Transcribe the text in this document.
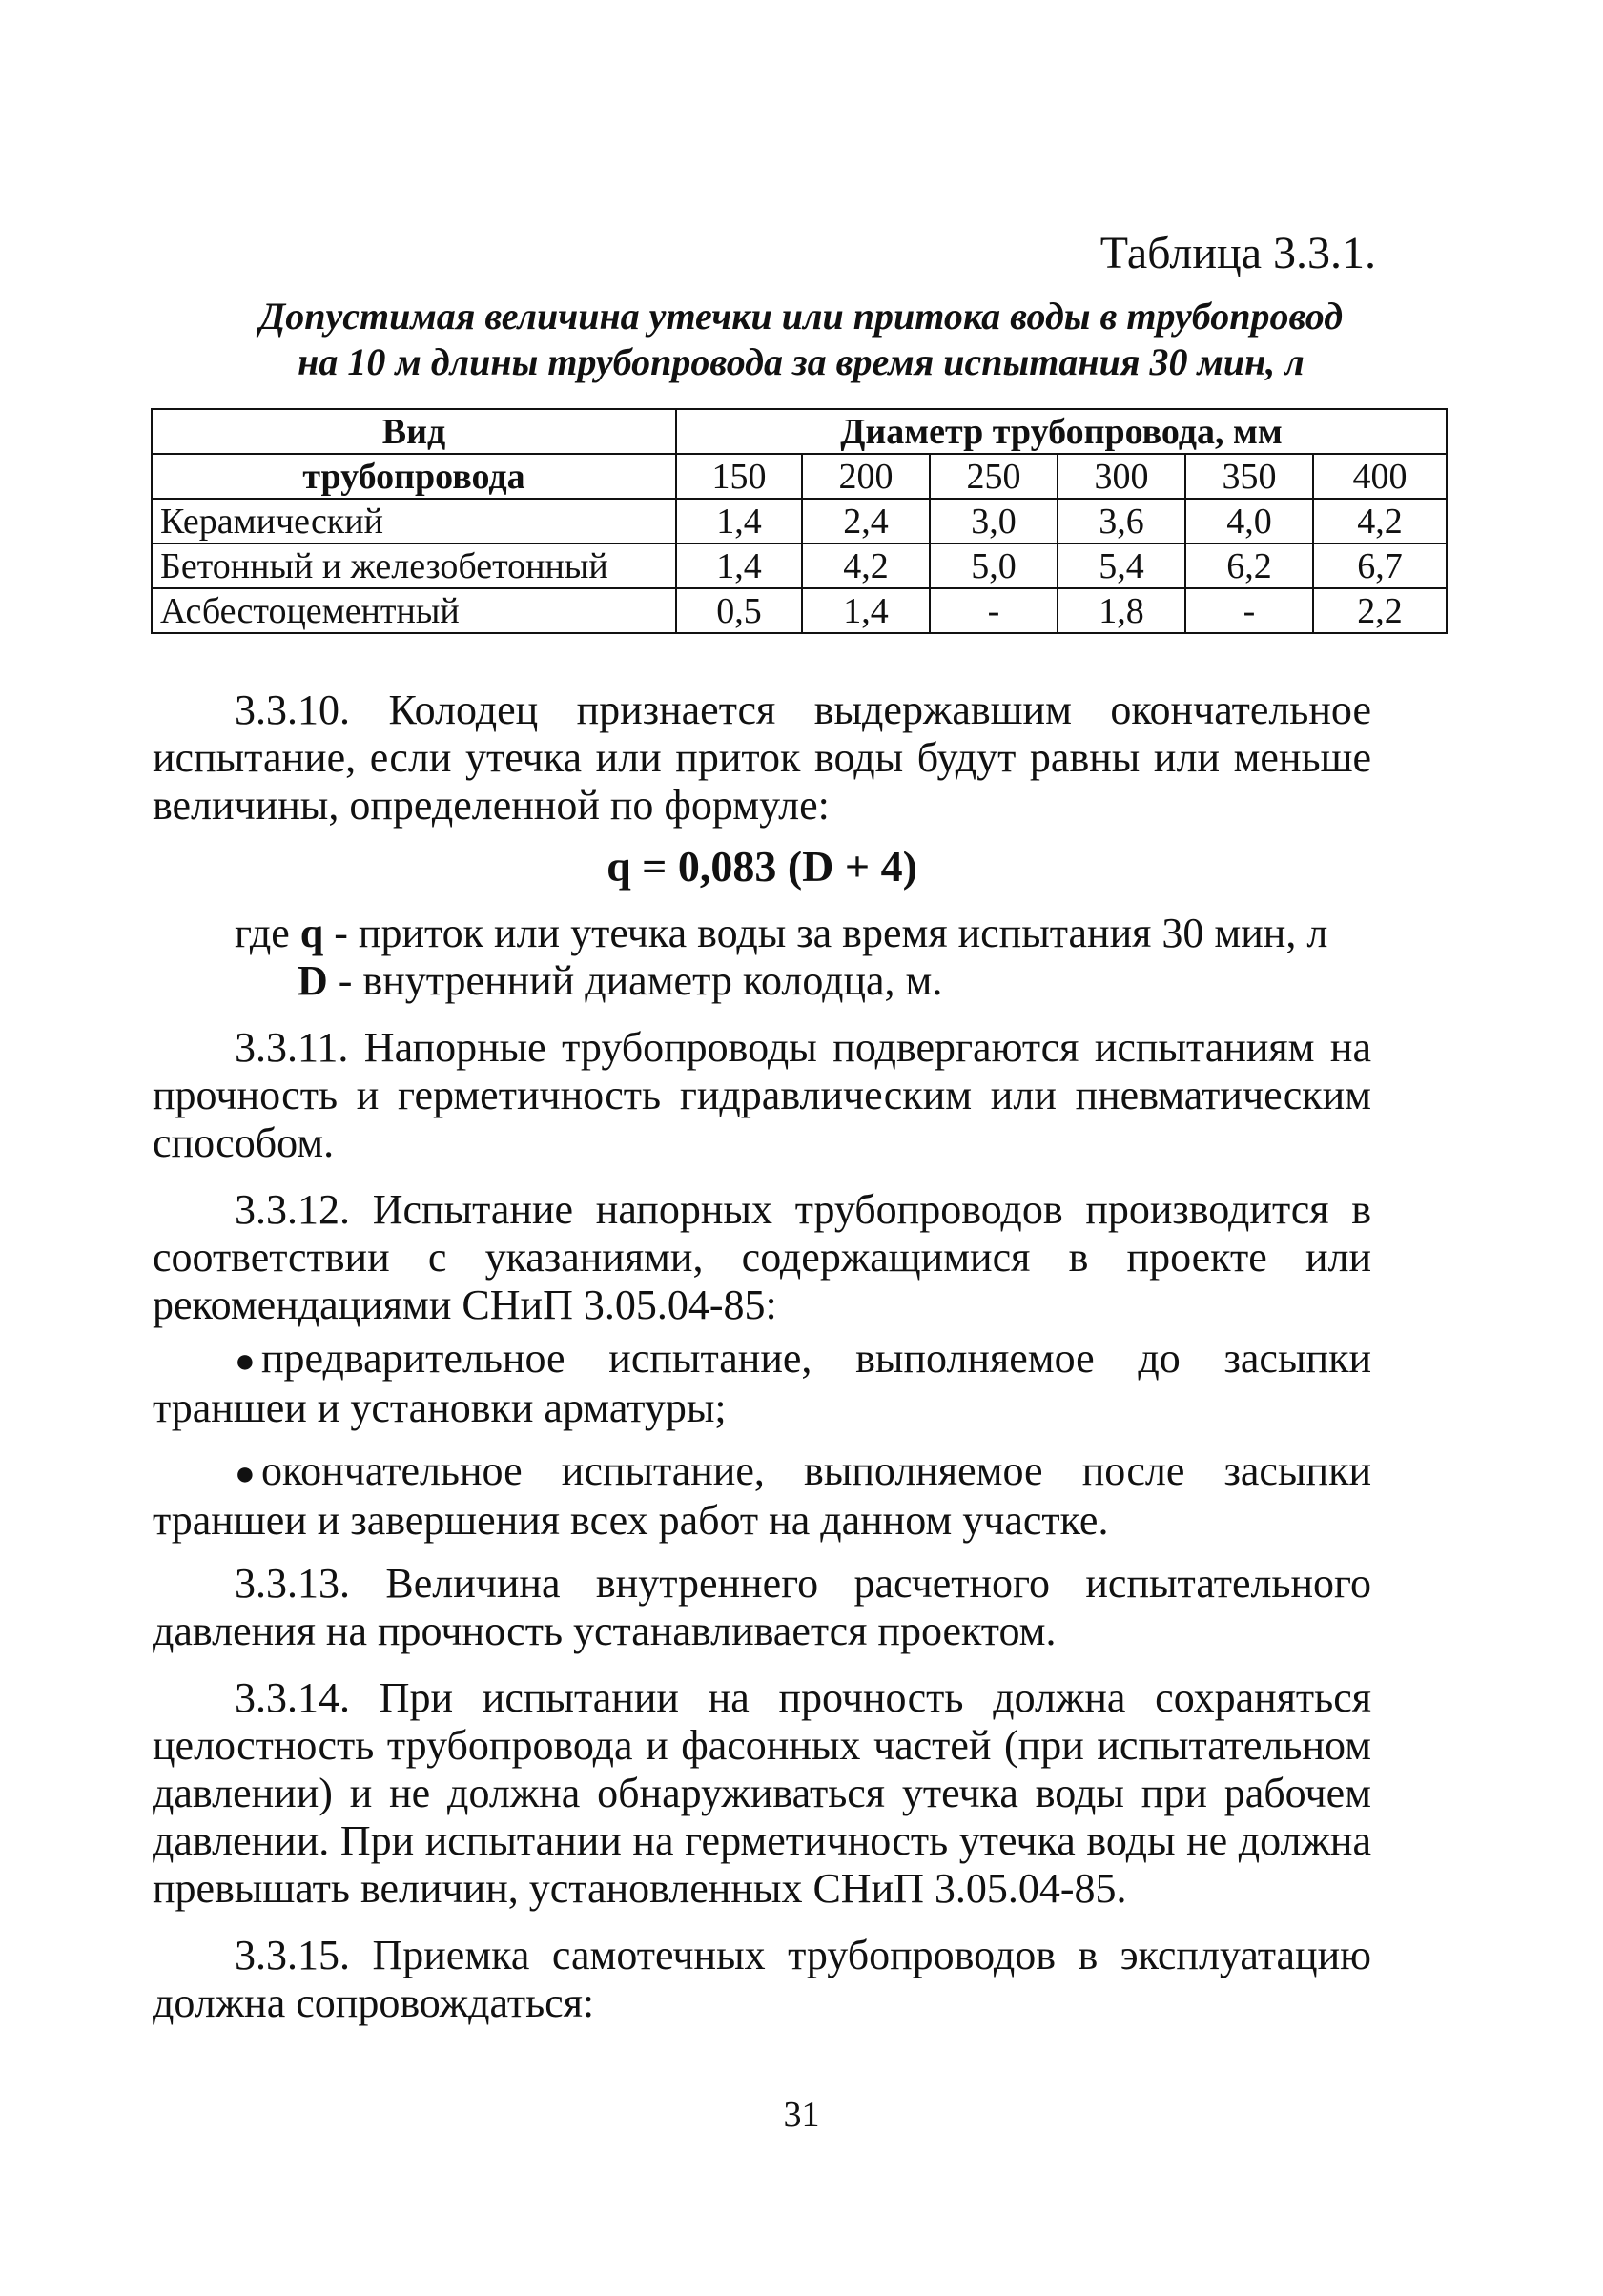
Таблица 3.3.1.
Допустимая величина утечки или притока воды в трубопровод
на 10 м длины трубопровода за время испытания 30 мин, л
Вид	Диаметр трубопровода, мм					
трубопровода	150	200	250	300	350	400
Керамический	1,4	2,4	3,0	3,6	4,0	4,2
Бетонный и железобетонный	1,4	4,2	5,0	5,4	6,2	6,7
Асбестоцементный	0,5	1,4	-	1,8	-	2,2

3.3.10. Колодец признается выдержавшим окончательное испытание, если утечка или приток воды будут равны или меньше величины, определенной по формуле:

q = 0,083 (D + 4)

где q - приток или утечка воды за время испытания 30 мин, л

D - внутренний диаметр колодца, м.

3.3.11. Напорные трубопроводы подвергаются испытаниям на прочность и герметичность гидравлическим или пневматическим способом.

3.3.12. Испытание напорных трубопроводов производится в соответствии с указаниями, содержащимися в проекте или рекомендациями СНиП 3.05.04-85:

● предварительное испытание, выполняемое до засыпки траншеи и установки арматуры;

● окончательное испытание, выполняемое после засыпки траншеи и завершения всех работ на данном участке.

3.3.13. Величина внутреннего расчетного испытательного давления на прочность устанавливается проектом.

3.3.14. При испытании на прочность должна сохраняться целостность трубопровода и фасонных частей (при испытательном давлении) и не должна обнаруживаться утечка воды при рабочем давлении. При испытании на герметичность утечка воды не должна превышать величин, установленных СНиП 3.05.04-85.

3.3.15. Приемка самотечных трубопроводов в эксплуатацию должна сопровождаться:

31
